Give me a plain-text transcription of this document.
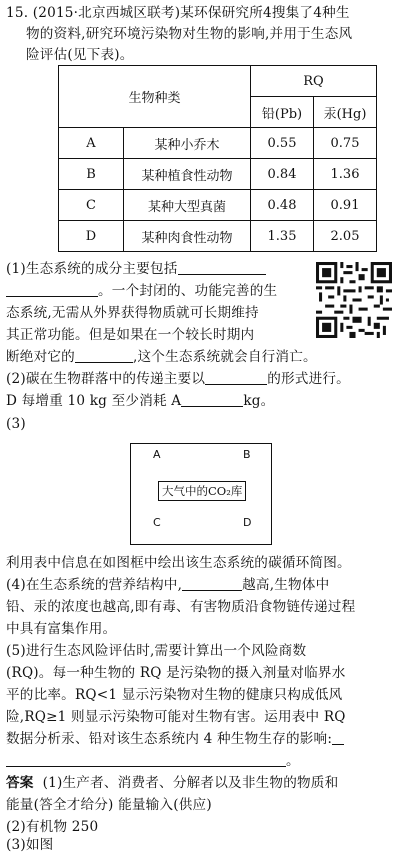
15. (2015·北京西城区联考)某环保研究所4搜集了4种生
物的资料,研究环境污染物对生物的影响,并用于生态风
险评估(见下表)。
生物种类		RQ	
		铅(Pb)	汞(Hg)
A	某种小乔木	0.55	0.75
B	某种植食性动物	0.84	1.36
C	某种大型真菌	0.48	0.91
D	某种肉食性动物	1.35	2.05
(1)生态系统的成分主要包括
。一个封闭的、功能完善的生
态系统,无需从外界获得物质就可长期维持
其正常功能。但是如果在一个较长时期内
断绝对它的	,这个生态系统就会自行消亡。
(2)碳在生物群落中的传递主要以	的形式进行。
D 每增重 10 kg 至少消耗 A	kg。
(3)
A	B
大气中的CO₂库
C	D
利用表中信息在如图框中绘出该生态系统的碳循环简图。
(4)在生态系统的营养结构中,	越高,生物体中
铅、汞的浓度也越高,即有毒、有害物质沿食物链传递过程
中具有富集作用。
(5)进行生态风险评估时,需要计算出一个风险商数
(RQ)。每一种生物的 RQ 是污染物的摄入剂量对临界水
平的比率。RQ<1 显示污染物对生物的健康只构成低风
险,RQ≥1 则显示污染物可能对生物有害。运用表中 RQ
数据分析汞、铅对该生态系统内 4 种生物生存的影响:
。
答案 (1)生产者、消费者、分解者以及非生物的物质和
能量(答全才给分) 能量输入(供应)
(2)有机物 250
(3)如图
